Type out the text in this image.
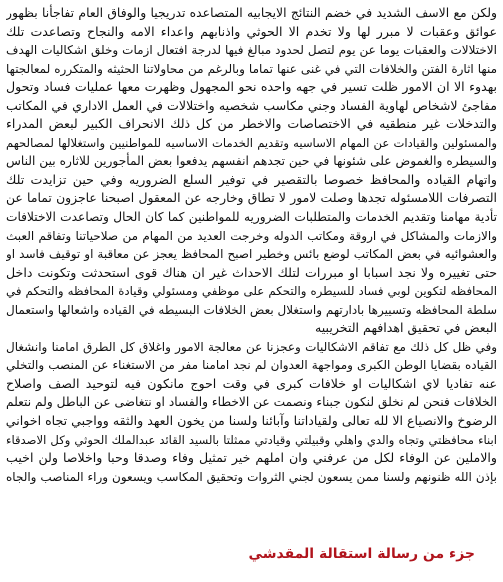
ولكن مع الاسف الشديد في خضم النتائج الايجابيه المتصاعده تدريجيا والوفاق العام تفاجأنا بظهور
عوائق وعقبات لا مبرر لها ولا تخدم الا الحوثي واذنابهم واعداء الامه والنجاح وتصاعدت تلك
الاختلالات والعقبات يوما عن يوم لتصل لحدود مبالغ فيها لدرجة افتعال ازمات وخلق اشكاليات الهدف
منها اثارة الفتن والخلافات التي في غنى عنها تماما وبالرغم من محاولاتنا الحثيثه والمتكرره لمعالجتها
بهدوء الا ان الامور ظلت تسير في جهه واحده نحو المجهول وظهرت معها عمليات فساد وتحول
مفاجئ لاشخاص لهاوية الفساد وجني مكاسب شخصيه واختلالات في العمل الاداري في المكاتب
والتدخلات غير منطقيه في الاختصاصات والاخطر من كل ذلك الانحراف الكبير لبعض المدراء
والمسئولين والقيادات عن المهام الاساسيه وتقديم الخدمات الاساسيه للمواطنيين واستغلالها لمصالحهم
والسيطره والغموض على شئونها في حين تجدهم انفسهم يدفعوا بعض المأجورين للاثاره بين الناس
واتهام القياده والمحافظ خصوصا بالتقصير في توفير السلع الضروريه وفي حين تزايدت تلك
التصرفات اللامسئوله تجدها وصلت لامور لا تطاق وخارجه عن المعقول اصبحنا عاجزون تماما عن
تأدية مهامنا وتقديم الخدمات والمتطلبات الضروريه للمواطنين كما كان الحال وتصاعدت الاختلافات
والازمات والمشاكل في اروقة ومكاتب الدوله وخرجت العديد من المهام من صلاحياتنا وتفاقم العبث
والعشوائيه في بعض المكاتب لوضع بائس وخطير اصبح المحافظ يعجز عن معاقبة او توقيف فاسد او
حتى تغييره ولا نجد اسبابا او مبررات لتلك الاحداث غير ان هناك قوى استحدثت وتكونت داخل
المحافظه لتكوين لوبي فساد للسيطره والتحكم على موظفي ومسئولي وقيادة المحافظه والتحكم في
سلطة المحافظه وتسييرها بادارتهم واستغلال بعض الخلافات البسيطه في القياده واشعالها واستعمال
البعض في تحقيق اهدافهم التخريبيه
وفي ظل كل ذلك مع تفاقم الاشكاليات وعجزنا عن معالجة الامور واغلاق كل الطرق امامنا وانشغال
القياده بقضايا الوطن الكبرى ومواجهة العدوان لم نجد امامنا مفر من الاستغناء عن المنصب والتخلي
عنه تفاديا لاي اشكاليات او خلافات كبرى في وقت احوج مانكون فيه لتوحيد الصف واصلاح
الخلافات فنحن لم نخلق لنكون جبناء ونصمت عن الاخطاء والفساد او نتغاضى عن الباطل ولم نتعلم
الرضوخ والانصياع الا لله تعالى ولقياداتنا وآبائنا ولسنا من يخون العهد والثقه وواجبي تجاه اخواني
ابناء محافظتي وتجاه والدي واهلي وقبيلتي وقيادتي ممثلتا بالسيد القائد عبدالملك الحوثي وكل الاصدقاء
والاملين عن الوفاء لكل من عرفني وان املهم خير تمثيل وفاء وصدقا وحبا واخلاصا ولن اخيب
بإذن الله ظنونهم ولسنا ممن يسعون لجني الثروات وتحقيق المكاسب ويسعون وراء المناصب والجاه
جزء من رسالة استقالة المقدشي
